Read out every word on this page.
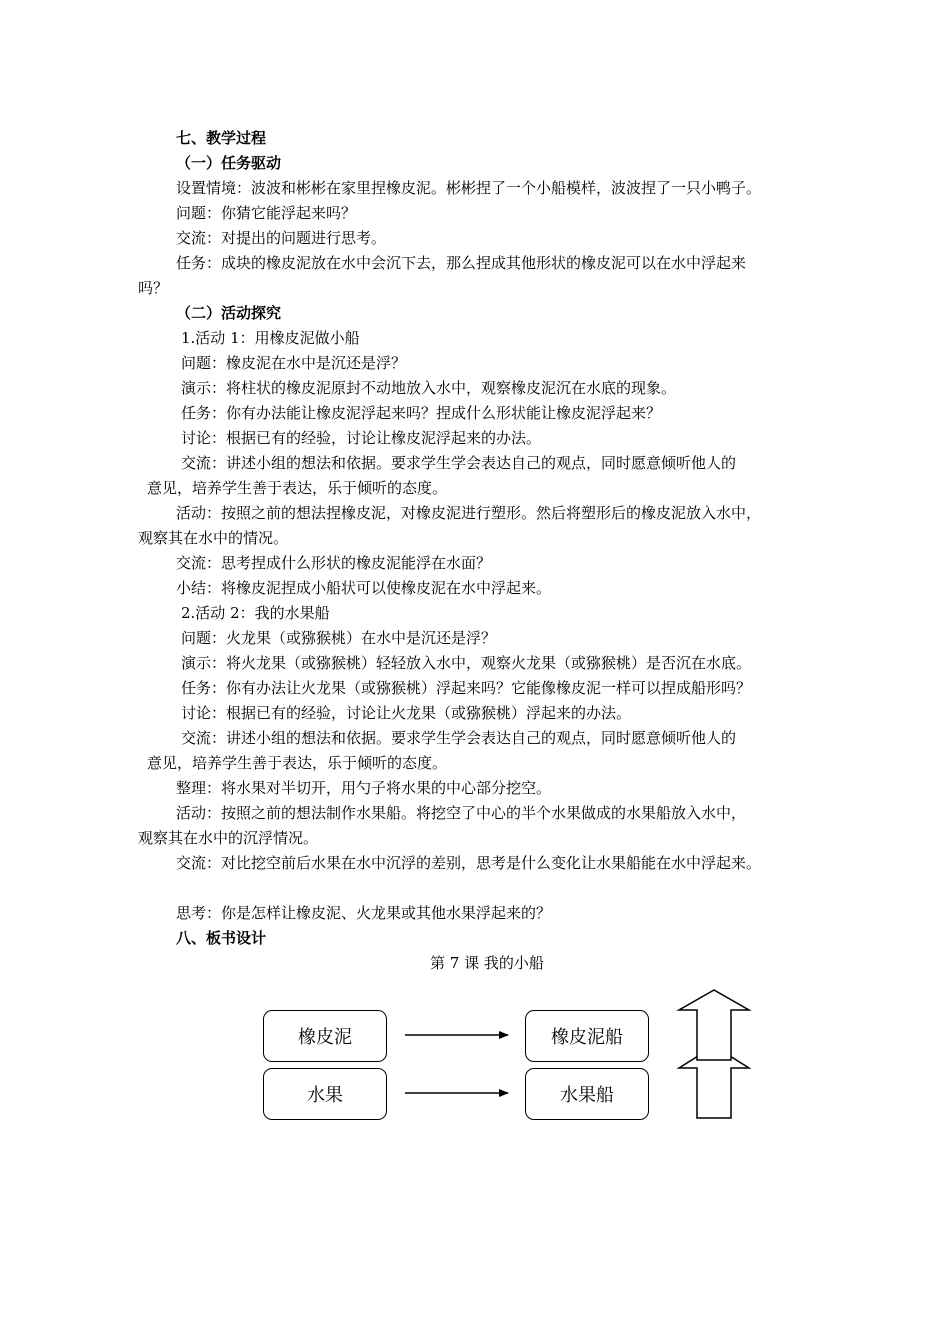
七、教学过程
（一）任务驱动
设置情境：波波和彬彬在家里捏橡皮泥。彬彬捏了一个小船模样，波波捏了一只小鸭子。
问题：你猜它能浮起来吗？
交流：对提出的问题进行思考。
任务：成块的橡皮泥放在水中会沉下去，那么捏成其他形状的橡皮泥可以在水中浮起来
吗？
（二）活动探究
1.活动 1：用橡皮泥做小船
问题：橡皮泥在水中是沉还是浮？
演示：将柱状的橡皮泥原封不动地放入水中，观察橡皮泥沉在水底的现象。
任务：你有办法能让橡皮泥浮起来吗？捏成什么形状能让橡皮泥浮起来？
讨论：根据已有的经验，讨论让橡皮泥浮起来的办法。
交流：讲述小组的想法和依据。要求学生学会表达自己的观点，同时愿意倾听他人的
意见，培养学生善于表达，乐于倾听的态度。
活动：按照之前的想法捏橡皮泥，对橡皮泥进行塑形。然后将塑形后的橡皮泥放入水中，
观察其在水中的情况。
交流：思考捏成什么形状的橡皮泥能浮在水面？
小结：将橡皮泥捏成小船状可以使橡皮泥在水中浮起来。
2.活动 2：我的水果船
问题：火龙果（或猕猴桃）在水中是沉还是浮？
演示：将火龙果（或猕猴桃）轻轻放入水中，观察火龙果（或猕猴桃）是否沉在水底。
任务：你有办法让火龙果（或猕猴桃）浮起来吗？它能像橡皮泥一样可以捏成船形吗？
讨论：根据已有的经验，讨论让火龙果（或猕猴桃）浮起来的办法。
交流：讲述小组的想法和依据。要求学生学会表达自己的观点，同时愿意倾听他人的
意见，培养学生善于表达，乐于倾听的态度。
整理：将水果对半切开，用勺子将水果的中心部分挖空。
活动：按照之前的想法制作水果船。将挖空了中心的半个水果做成的水果船放入水中，
观察其在水中的沉浮情况。
交流：对比挖空前后水果在水中沉浮的差别，思考是什么变化让水果船能在水中浮起来。
思考：你是怎样让橡皮泥、火龙果或其他水果浮起来的？
八、板书设计
第 7 课 我的小船
橡皮泥	橡皮泥船
水果	水果船
